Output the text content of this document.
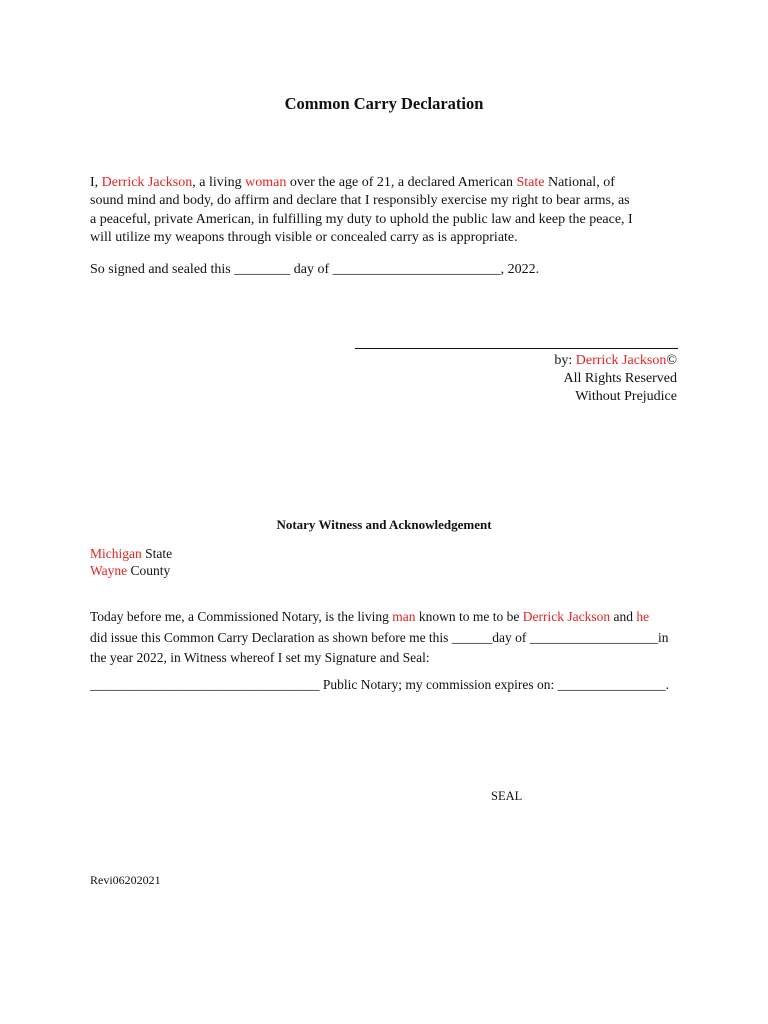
Common Carry Declaration
I, Derrick Jackson, a living woman over the age of 21, a declared American State National, of
sound mind and body, do affirm and declare that I responsibly exercise my right to bear arms, as
a peaceful, private American, in fulfilling my duty to uphold the public law and keep the peace, I
will utilize my weapons through visible or concealed carry as is appropriate.
So signed and sealed this ________ day of ________________________, 2022.
by: Derrick Jackson©
All Rights Reserved
Without Prejudice
Notary Witness and Acknowledgement
Michigan State
Wayne County
Today before me, a Commissioned Notary, is the living man known to me to be Derrick Jackson and he
did issue this Common Carry Declaration as shown before me this ______day of ___________________in
the year 2022, in Witness whereof I set my Signature and Seal:
__________________________________ Public Notary; my commission expires on: ________________.
SEAL
Revi06202021
